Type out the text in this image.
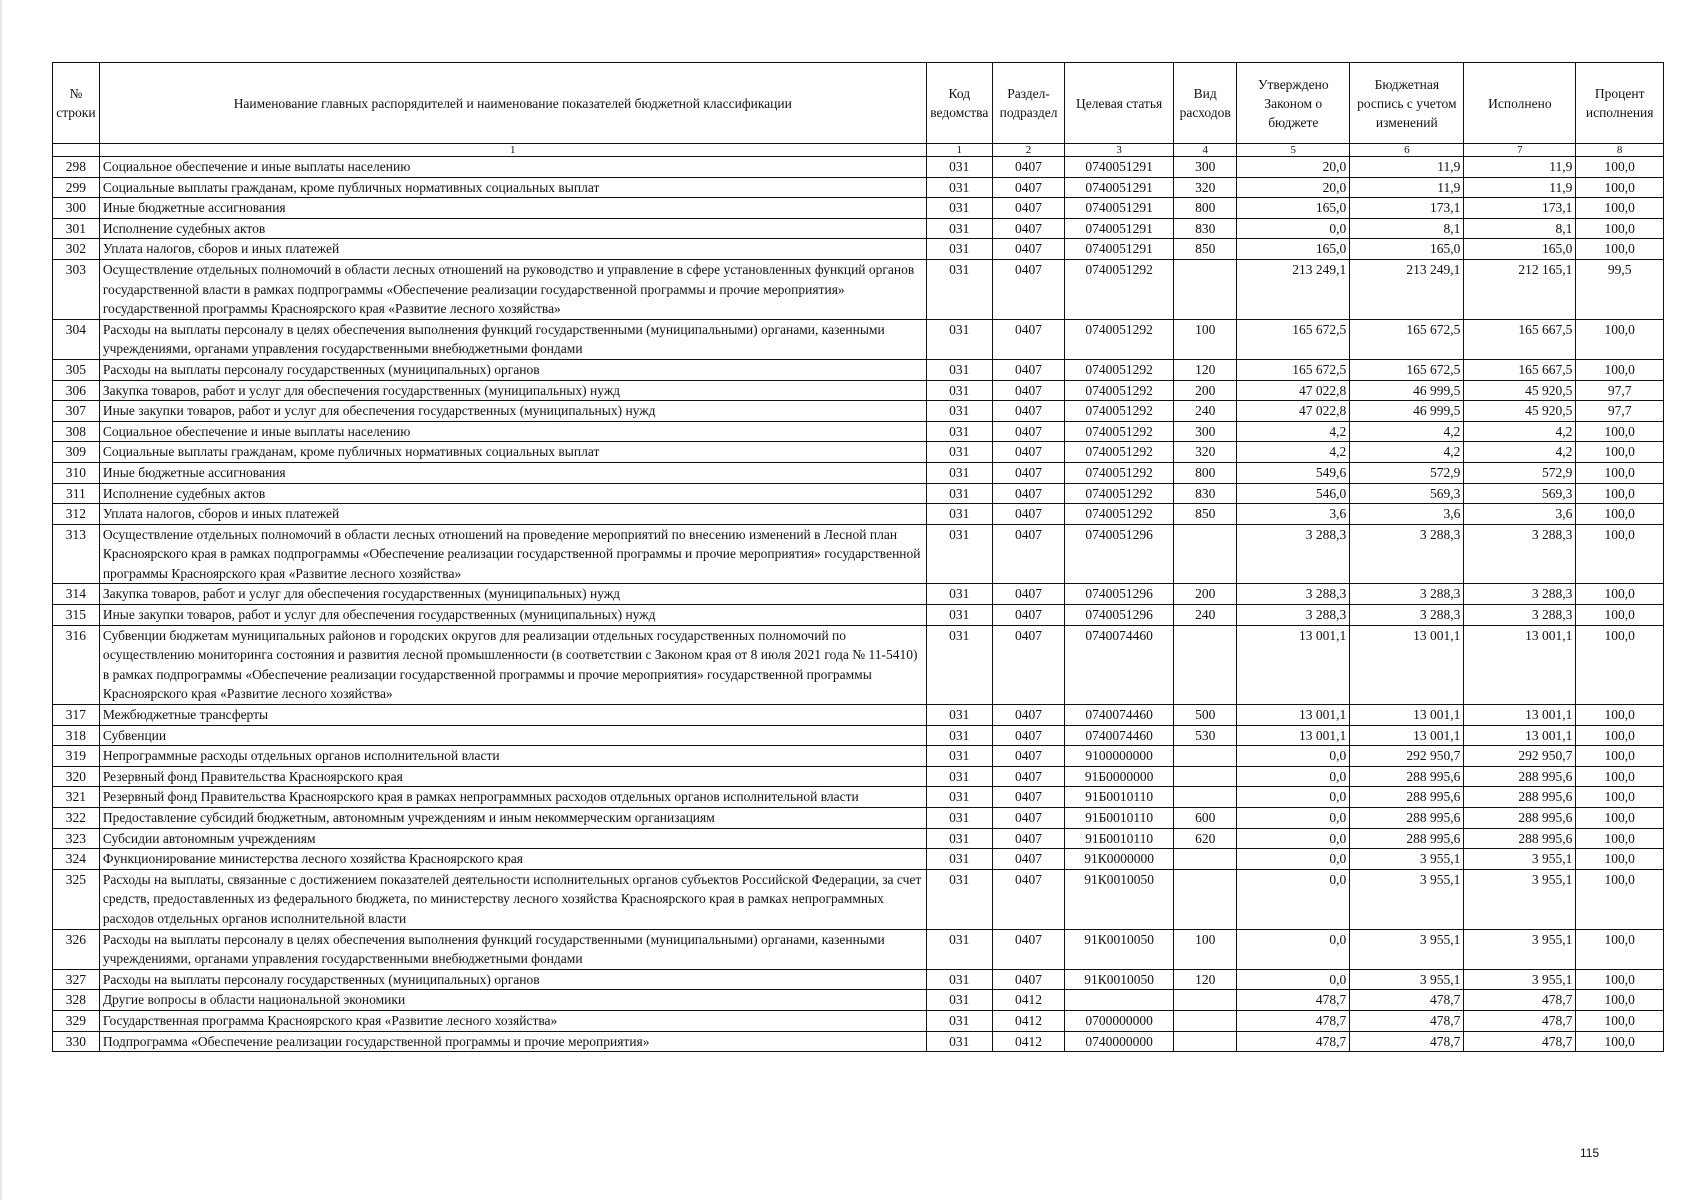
№ строки	Наименование главных распорядителей и наименование показателей бюджетной классификации	Код ведомства	Раздел-подраздел	Целевая статья	Вид расходов	Утверждено Законом о бюджете	Бюджетная роспись с учетом изменений	Исполнено	Процент исполнения
	1	1	2	3	4	5	6	7	8
298	Социальное обеспечение и иные выплаты населению	031	0407	0740051291	300	20,0	11,9	11,9	100,0
299	Социальные выплаты гражданам, кроме публичных нормативных социальных выплат	031	0407	0740051291	320	20,0	11,9	11,9	100,0
300	Иные бюджетные ассигнования	031	0407	0740051291	800	165,0	173,1	173,1	100,0
301	Исполнение судебных актов	031	0407	0740051291	830	0,0	8,1	8,1	100,0
302	Уплата налогов, сборов и иных платежей	031	0407	0740051291	850	165,0	165,0	165,0	100,0
303	Осуществление отдельных полномочий в области лесных отношений на руководство и управление в сфере установленных функций органов государственной власти в рамках подпрограммы «Обеспечение реализации государственной программы и прочие мероприятия» государственной программы Красноярского края «Развитие лесного хозяйства»	031	0407	0740051292		213 249,1	213 249,1	212 165,1	99,5
304	Расходы на выплаты персоналу в целях обеспечения выполнения функций государственными (муниципальными) органами, казенными учреждениями, органами управления государственными внебюджетными фондами	031	0407	0740051292	100	165 672,5	165 672,5	165 667,5	100,0
305	Расходы на выплаты персоналу государственных (муниципальных) органов	031	0407	0740051292	120	165 672,5	165 672,5	165 667,5	100,0
306	Закупка товаров, работ и услуг для обеспечения государственных (муниципальных) нужд	031	0407	0740051292	200	47 022,8	46 999,5	45 920,5	97,7
307	Иные закупки товаров, работ и услуг для обеспечения государственных (муниципальных) нужд	031	0407	0740051292	240	47 022,8	46 999,5	45 920,5	97,7
308	Социальное обеспечение и иные выплаты населению	031	0407	0740051292	300	4,2	4,2	4,2	100,0
309	Социальные выплаты гражданам, кроме публичных нормативных социальных выплат	031	0407	0740051292	320	4,2	4,2	4,2	100,0
310	Иные бюджетные ассигнования	031	0407	0740051292	800	549,6	572,9	572,9	100,0
311	Исполнение судебных актов	031	0407	0740051292	830	546,0	569,3	569,3	100,0
312	Уплата налогов, сборов и иных платежей	031	0407	0740051292	850	3,6	3,6	3,6	100,0
313	Осуществление отдельных полномочий в области лесных отношений на проведение мероприятий по внесению изменений в Лесной план Красноярского края в рамках подпрограммы «Обеспечение реализации государственной программы и прочие мероприятия» государственной программы Красноярского края «Развитие лесного хозяйства»	031	0407	0740051296		3 288,3	3 288,3	3 288,3	100,0
314	Закупка товаров, работ и услуг для обеспечения государственных (муниципальных) нужд	031	0407	0740051296	200	3 288,3	3 288,3	3 288,3	100,0
315	Иные закупки товаров, работ и услуг для обеспечения государственных (муниципальных) нужд	031	0407	0740051296	240	3 288,3	3 288,3	3 288,3	100,0
316	Субвенции бюджетам муниципальных районов и городских округов для реализации отдельных государственных полномочий по осуществлению мониторинга состояния и развития лесной промышленности (в соответствии с Законом края от 8 июля 2021 года № 11-5410) в рамках подпрограммы «Обеспечение реализации государственной программы и прочие мероприятия» государственной программы Красноярского края «Развитие лесного хозяйства»	031	0407	0740074460		13 001,1	13 001,1	13 001,1	100,0
317	Межбюджетные трансферты	031	0407	0740074460	500	13 001,1	13 001,1	13 001,1	100,0
318	Субвенции	031	0407	0740074460	530	13 001,1	13 001,1	13 001,1	100,0
319	Непрограммные расходы отдельных органов исполнительной власти	031	0407	9100000000		0,0	292 950,7	292 950,7	100,0
320	Резервный фонд Правительства Красноярского края	031	0407	91Б0000000		0,0	288 995,6	288 995,6	100,0
321	Резервный фонд Правительства Красноярского края в рамках непрограммных расходов отдельных органов исполнительной власти	031	0407	91Б0010110		0,0	288 995,6	288 995,6	100,0
322	Предоставление субсидий бюджетным, автономным учреждениям и иным некоммерческим организациям	031	0407	91Б0010110	600	0,0	288 995,6	288 995,6	100,0
323	Субсидии автономным учреждениям	031	0407	91Б0010110	620	0,0	288 995,6	288 995,6	100,0
324	Функционирование министерства лесного хозяйства Красноярского края	031	0407	91К0000000		0,0	3 955,1	3 955,1	100,0
325	Расходы на выплаты, связанные с достижением показателей деятельности исполнительных органов субъектов Российской Федерации, за счет средств, предоставленных из федерального бюджета, по министерству лесного хозяйства Красноярского края в рамках непрограммных расходов отдельных органов исполнительной власти	031	0407	91К0010050		0,0	3 955,1	3 955,1	100,0
326	Расходы на выплаты персоналу в целях обеспечения выполнения функций государственными (муниципальными) органами, казенными учреждениями, органами управления государственными внебюджетными фондами	031	0407	91К0010050	100	0,0	3 955,1	3 955,1	100,0
327	Расходы на выплаты персоналу государственных (муниципальных) органов	031	0407	91К0010050	120	0,0	3 955,1	3 955,1	100,0
328	Другие вопросы в области национальной экономики	031	0412			478,7	478,7	478,7	100,0
329	Государственная программа Красноярского края «Развитие лесного хозяйства»	031	0412	0700000000		478,7	478,7	478,7	100,0
330	Подпрограмма «Обеспечение реализации государственной программы и прочие мероприятия»	031	0412	0740000000		478,7	478,7	478,7	100,0
115
